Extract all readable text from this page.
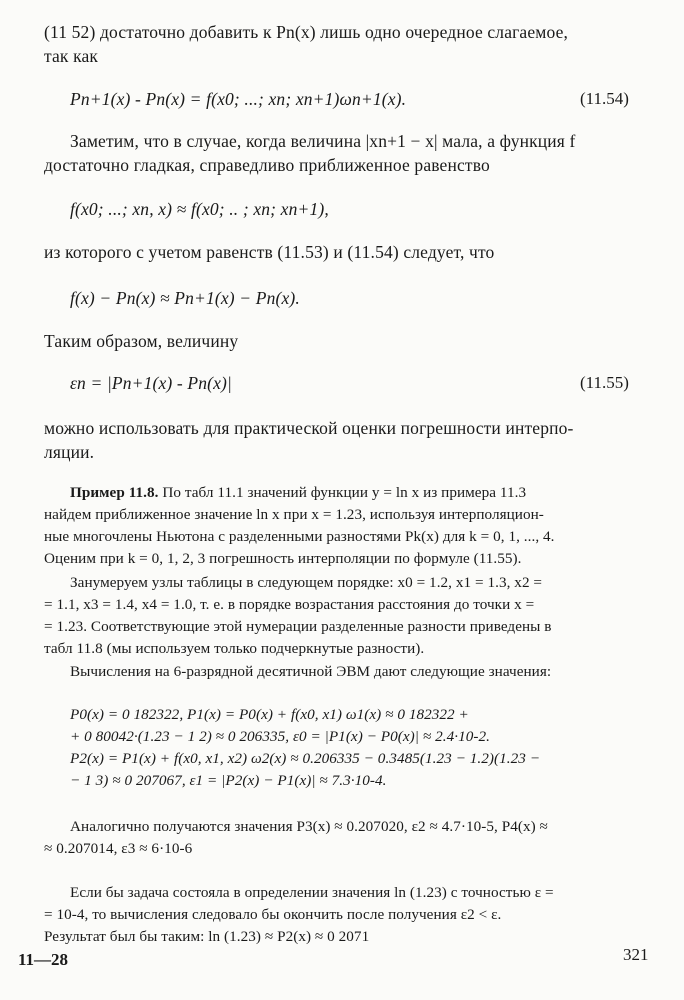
(11 52) достаточно добавить к Pn(x) лишь одно очередное слагаемое,
так как
Pn+1(x) - Pn(x) = f(x0; ...; xn; xn+1)ωn+1(x).	(11.54)
Заметим, что в случае, когда величина |xn+1 − x| мала, а функция f
достаточно гладкая, справедливо приближенное равенство
f(x0; ...; xn, x) ≈ f(x0; .. ; xn; xn+1),
из которого с учетом равенств (11.53) и (11.54) следует, что
f(x) − Pn(x) ≈ Pn+1(x) − Pn(x).
Таким образом, величину
εn = |Pn+1(x) - Pn(x)|	(11.55)
можно использовать для практической оценки погрешности интерпо-
ляции.
Пример 11.8. По табл 11.1 значений функции y = ln x из примера 11.3
найдем приближенное значение ln x при x = 1.23, используя интерполяцион-
ные многочлены Ньютона с разделенными разностями Pk(x) для k = 0, 1, ..., 4.
Оценим при k = 0, 1, 2, 3 погрешность интерполяции по формуле (11.55).
Занумеруем узлы таблицы в следующем порядке: x0 = 1.2, x1 = 1.3, x2 =
= 1.1, x3 = 1.4, x4 = 1.0, т. е. в порядке возрастания расстояния до точки x =
= 1.23. Соответствующие этой нумерации разделенные разности приведены в
табл 11.8 (мы используем только подчеркнутые разности).
Вычисления на 6-разрядной десятичной ЭВМ дают следующие значения:
P0(x) = 0 182322, P1(x) = P0(x) + f(x0, x1) ω1(x) ≈ 0 182322 +
+ 0 80042·(1.23 − 1 2) ≈ 0 206335, ε0 = |P1(x) − P0(x)| ≈ 2.4·10-2.
P2(x) = P1(x) + f(x0, x1, x2) ω2(x) ≈ 0.206335 − 0.3485(1.23 − 1.2)(1.23 −
− 1 3) ≈ 0 207067, ε1 = |P2(x) − P1(x)| ≈ 7.3·10-4.
Аналогично получаются значения P3(x) ≈ 0.207020, ε2 ≈ 4.7·10-5, P4(x) ≈
≈ 0.207014, ε3 ≈ 6·10-6
Если бы задача состояла в определении значения ln (1.23) с точностью ε =
= 10-4, то вычисления следовало бы окончить после получения ε2 < ε.
Результат был бы таким: ln (1.23) ≈ P2(x) ≈ 0 2071
11—28	321
